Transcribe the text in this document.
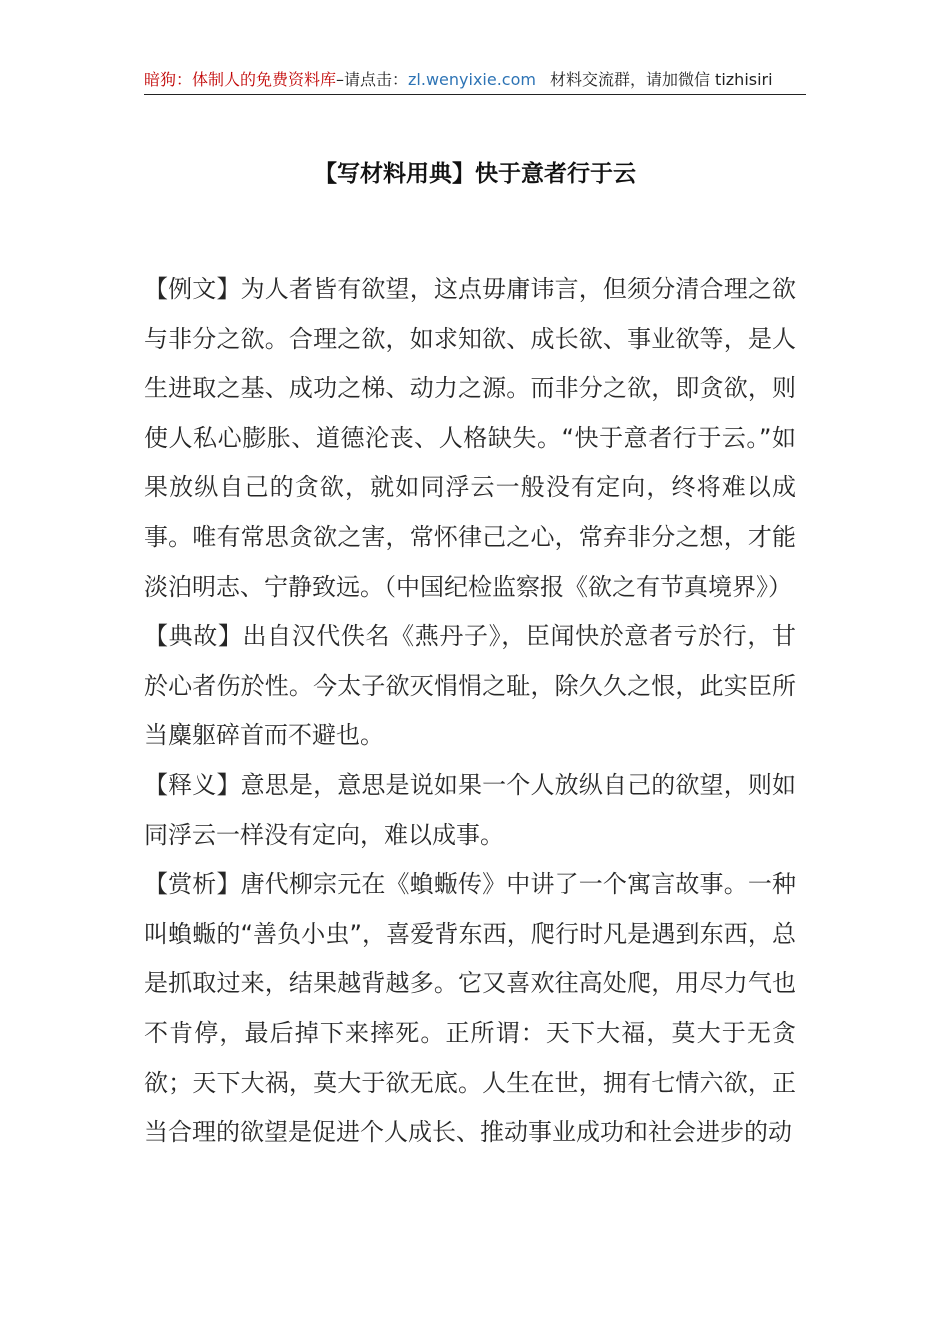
暗狗：体制人的免费资料库–请点击：zl.wenyixie.com 材料交流群，请加微信 tizhisiri
【写材料用典】快于意者行于云

【例文】为人者皆有欲望，这点毋庸讳言，但须分清合理之欲与非分之欲。合理之欲，如求知欲、成长欲、事业欲等，是人生进取之基、成功之梯、动力之源。而非分之欲，即贪欲，则使人私心膨胀、道德沦丧、人格缺失。“快于意者行于云。”如果放纵自己的贪欲，就如同浮云一般没有定向，终将难以成事。唯有常思贪欲之害，常怀律己之心，常弃非分之想，才能淡泊明志、宁静致远。（中国纪检监察报《欲之有节真境界》）

【典故】出自汉代佚名《燕丹子》，臣闻快於意者亏於行，甘於心者伤於性。今太子欲灭悁悁之耻，除久久之恨，此实臣所当麋躯碎首而不避也。

【释义】意思是，意思是说如果一个人放纵自己的欲望，则如同浮云一样没有定向，难以成事。

【赏析】唐代柳宗元在《蝜蝂传》中讲了一个寓言故事。一种叫蝜蝂的“善负小虫”，喜爱背东西，爬行时凡是遇到东西，总是抓取过来，结果越背越多。它又喜欢往高处爬，用尽力气也不肯停，最后掉下来摔死。正所谓：天下大福，莫大于无贪欲；天下大祸，莫大于欲无底。人生在世，拥有七情六欲，正当合理的欲望是促进个人成长、推动事业成功和社会进步的动
